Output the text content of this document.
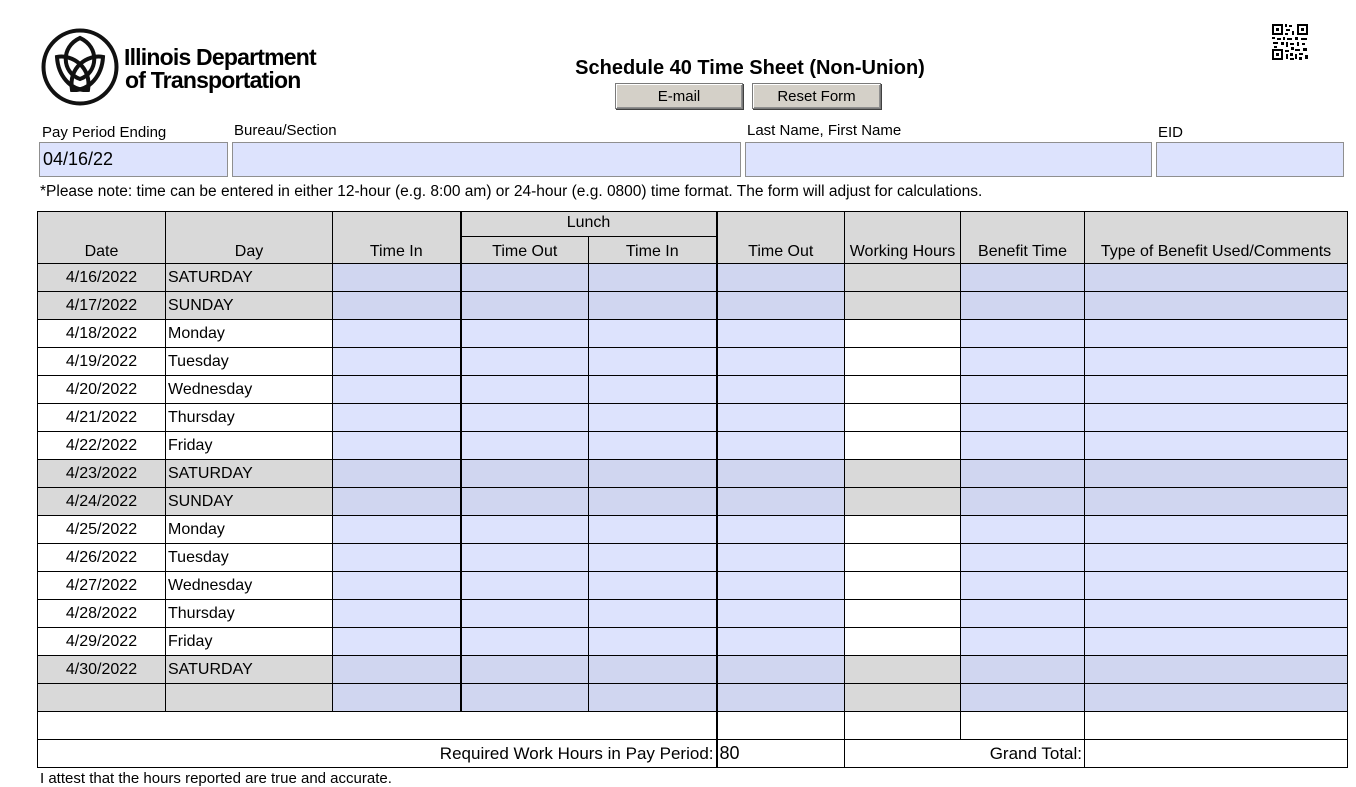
Illinois Department
of Transportation	Schedule 40 Time Sheet (Non-Union)
E-mail	Reset Form
Pay Period Ending	Bureau/Section	Last Name, First Name	EID
04/16/22
*Please note: time can be entered in either 12-hour (e.g. 8:00 am) or 24-hour (e.g. 0800) time format. The form will adjust for calculations.
Date	Day	Time In	Lunch		Time Out	Working Hours	Benefit Time	Type of Benefit Used/Comments
			Time Out	Time In				
4/16/2022	SATURDAY							
4/17/2022	SUNDAY							
4/18/2022	Monday							
4/19/2022	Tuesday							
4/20/2022	Wednesday							
4/21/2022	Thursday							
4/22/2022	Friday							
4/23/2022	SATURDAY							
4/24/2022	SUNDAY							
4/25/2022	Monday							
4/26/2022	Tuesday							
4/27/2022	Wednesday							
4/28/2022	Thursday							
4/29/2022	Friday							
4/30/2022	SATURDAY							

Required Work Hours in Pay Period:					80	Grand Total:		
I attest that the hours reported are true and accurate.
